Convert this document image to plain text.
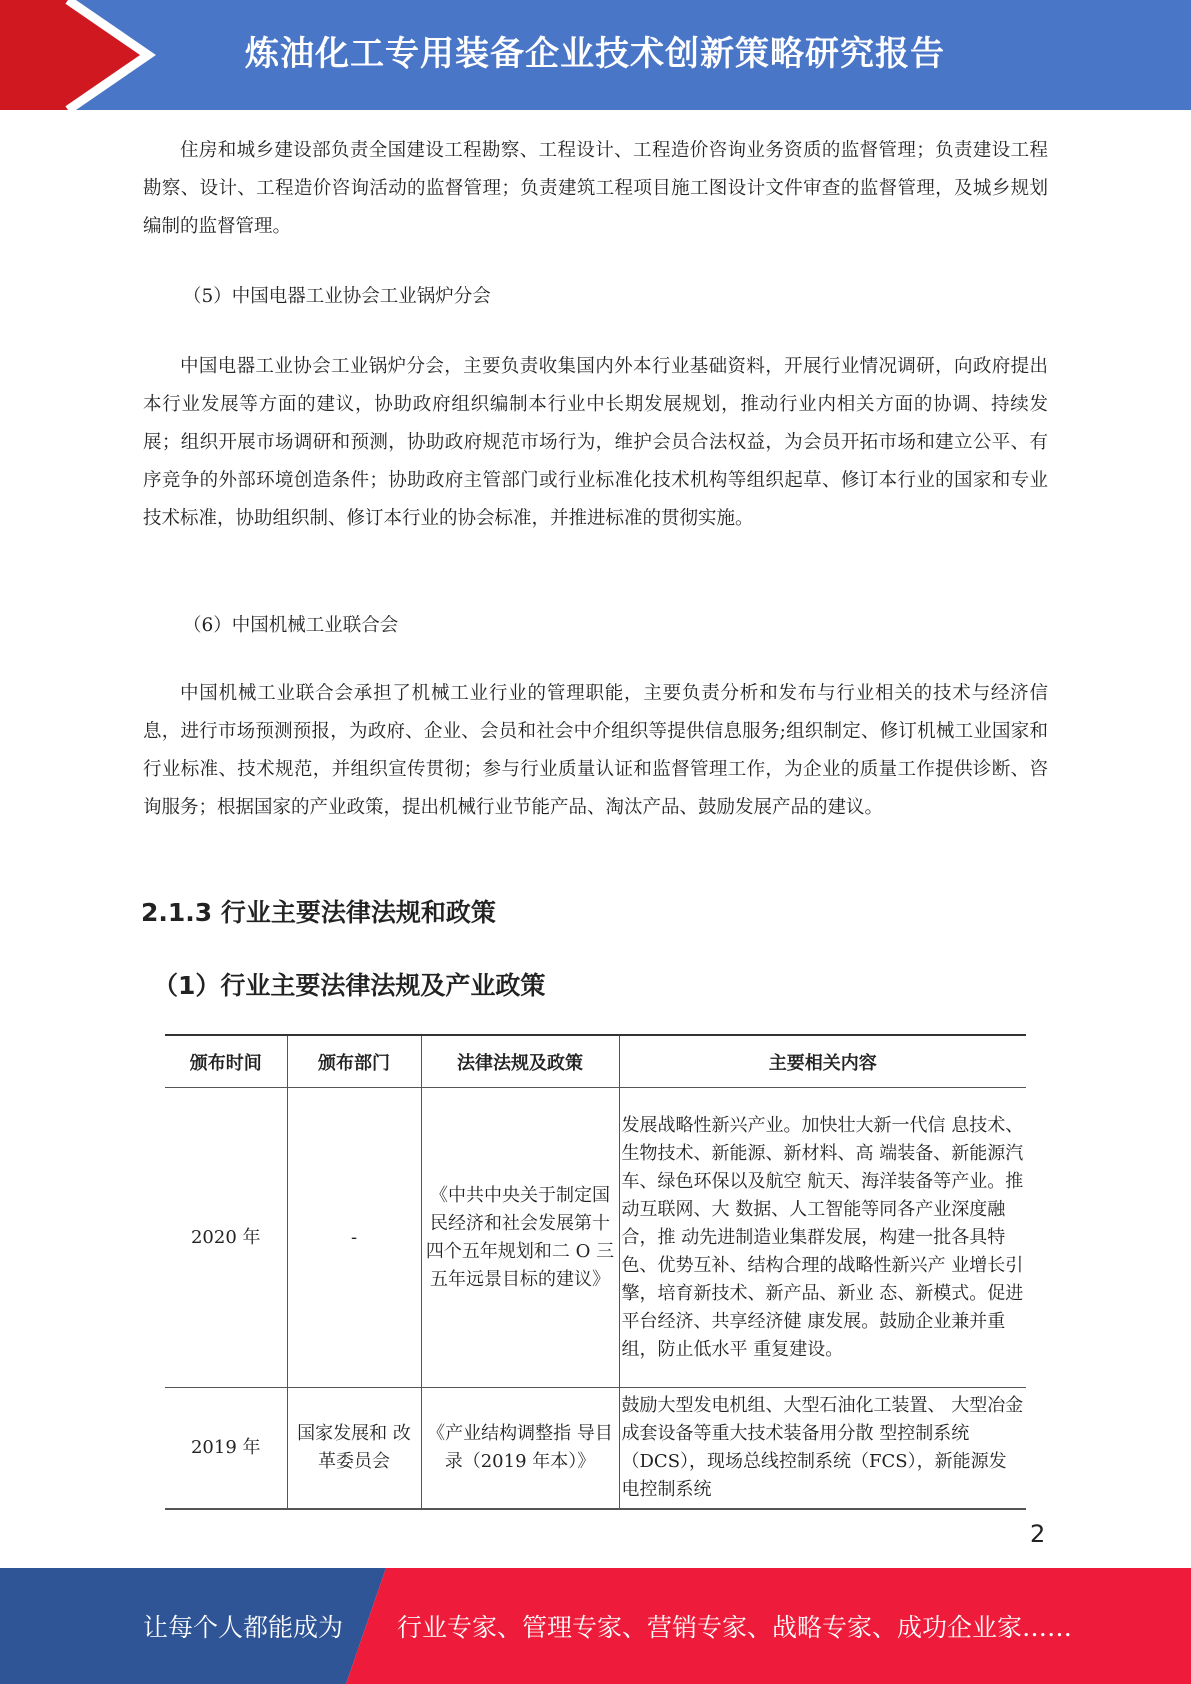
炼油化工专用装备企业技术创新策略研究报告

住房和城乡建设部负责全国建设工程勘察、工程设计、工程造价咨询业务资质的监督管理；负责建设工程勘察、设计、工程造价咨询活动的监督管理；负责建筑工程项目施工图设计文件审查的监督管理，及城乡规划编制的监督管理。

（5）中国电器工业协会工业锅炉分会

中国电器工业协会工业锅炉分会，主要负责收集国内外本行业基础资料，开展行业情况调研，向政府提出本行业发展等方面的建议，协助政府组织编制本行业中长期发展规划，推动行业内相关方面的协调、持续发展；组织开展市场调研和预测，协助政府规范市场行为，维护会员合法权益，为会员开拓市场和建立公平、有序竞争的外部环境创造条件；协助政府主管部门或行业标准化技术机构等组织起草、修订本行业的国家和专业技术标准，协助组织制、修订本行业的协会标准，并推进标准的贯彻实施。

（6）中国机械工业联合会

中国机械工业联合会承担了机械工业行业的管理职能，主要负责分析和发布与行业相关的技术与经济信息，进行市场预测预报，为政府、企业、会员和社会中介组织等提供信息服务;组织制定、修订机械工业国家和行业标准、技术规范，并组织宣传贯彻；参与行业质量认证和监督管理工作，为企业的质量工作提供诊断、咨询服务；根据国家的产业政策，提出机械行业节能产品、淘汰产品、鼓励发展产品的建议。

2.1.3 行业主要法律法规和政策
（1）行业主要法律法规及产业政策
颁布时间	颁布部门	法律法规及政策	主要相关内容
2020 年	-	《中共中央关于制定国民经济和社会发展第十四个五年规划和二 O 三五年远景目标的建议》	发展战略性新兴产业。加快壮大新一代信 息技术、生物技术、新能源、新材料、高 端装备、新能源汽车、绿色环保以及航空 航天、海洋装备等产业。推动互联网、大 数据、人工智能等同各产业深度融合，推 动先进制造业集群发展，构建一批各具特 色、优势互补、结构合理的战略性新兴产 业增长引擎，培育新技术、新产品、新业 态、新模式。促进平台经济、共享经济健 康发展。鼓励企业兼并重组，防止低水平 重复建设。
2019 年	国家发展和 改革委员会	《产业结构调整指 导目录（2019 年本）》	鼓励大型发电机组、大型石油化工装置、 大型冶金成套设备等重大技术装备用分散 型控制系统（DCS），现场总线控制系统（FCS），新能源发电控制系统
2
让每个人都能成为 行业专家、管理专家、营销专家、战略专家、成功企业家……
